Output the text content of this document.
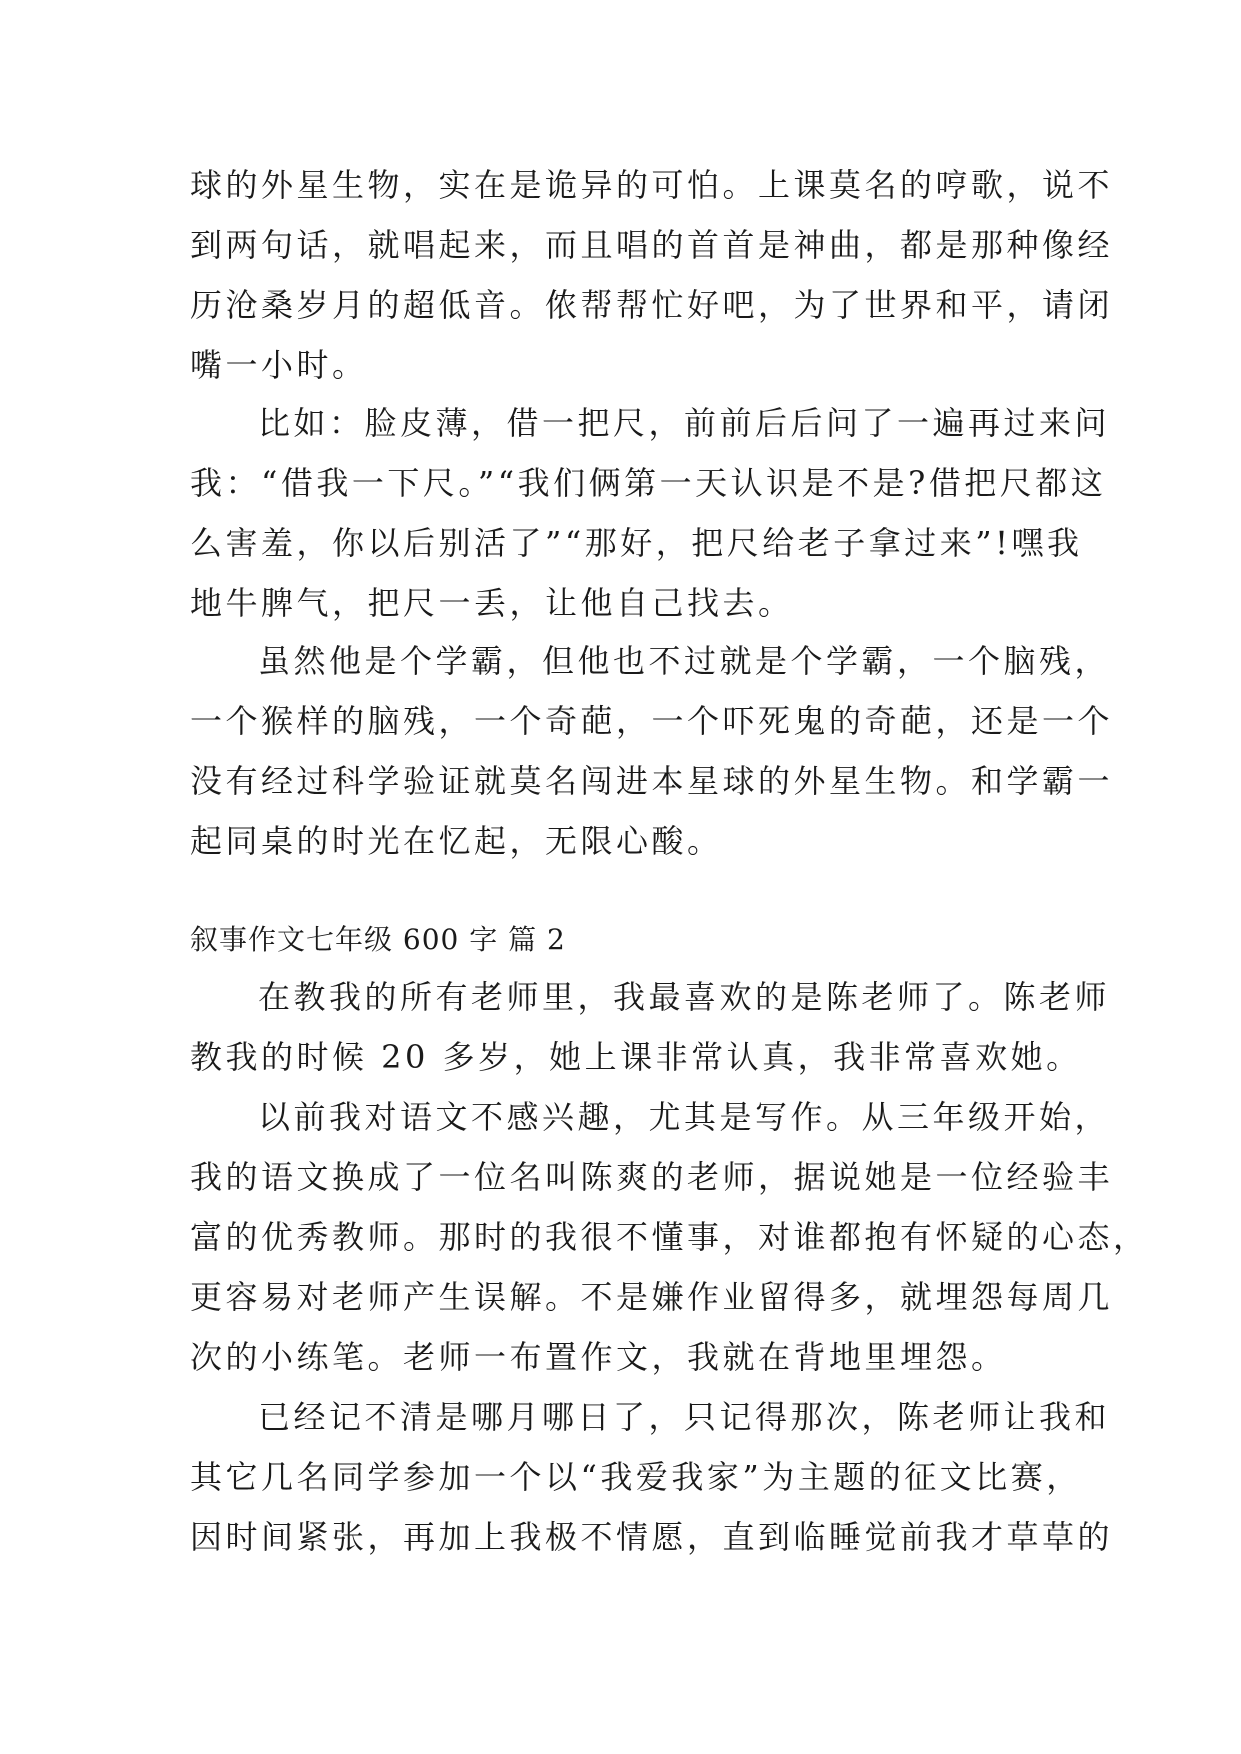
球的外星生物，实在是诡异的可怕。上课莫名的哼歌，说不
到两句话，就唱起来，而且唱的首首是神曲，都是那种像经
历沧桑岁月的超低音。侬帮帮忙好吧，为了世界和平，请闭
嘴一小时。
比如：脸皮薄，借一把尺，前前后后问了一遍再过来问
我：“借我一下尺。”“我们俩第一天认识是不是?借把尺都这
么害羞，你以后别活了”“那好，把尺给老子拿过来”!嘿我
地牛脾气，把尺一丢，让他自己找去。
虽然他是个学霸，但他也不过就是个学霸，一个脑残，
一个猴样的脑残，一个奇葩，一个吓死鬼的奇葩，还是一个
没有经过科学验证就莫名闯进本星球的外星生物。和学霸一
起同桌的时光在忆起，无限心酸。
叙事作文七年级 600 字 篇 2
在教我的所有老师里，我最喜欢的是陈老师了。陈老师
教我的时候 20 多岁，她上课非常认真，我非常喜欢她。
以前我对语文不感兴趣，尤其是写作。从三年级开始，
我的语文换成了一位名叫陈爽的老师，据说她是一位经验丰
富的优秀教师。那时的我很不懂事，对谁都抱有怀疑的心态，
更容易对老师产生误解。不是嫌作业留得多，就埋怨每周几
次的小练笔。老师一布置作文，我就在背地里埋怨。
已经记不清是哪月哪日了，只记得那次，陈老师让我和
其它几名同学参加一个以“我爱我家”为主题的征文比赛，
因时间紧张，再加上我极不情愿，直到临睡觉前我才草草的
